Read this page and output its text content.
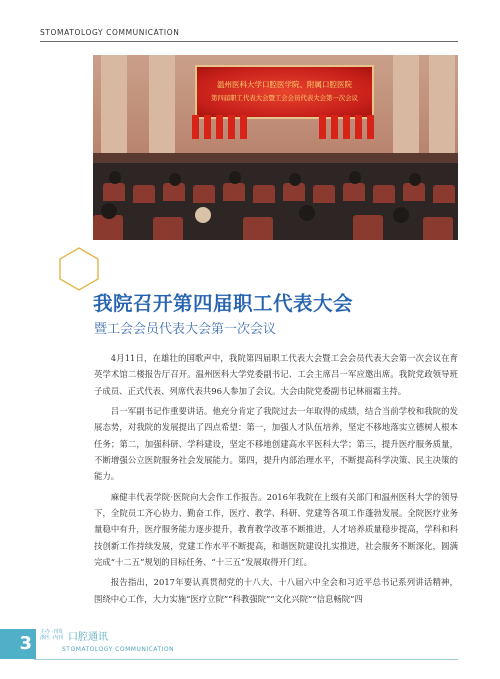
STOMATOLOGY COMMUNICATION
温州医科大学口腔医学院、附属口腔医院
第四届职工代表大会暨工会会员代表大会第一次会议
我院召开第四届职工代表大会
暨工会会员代表大会第一次会议

4月11日，在雄壮的国歌声中，我院第四届职工代表大会暨工会会员代表大会第一次会议在育英学术馆二楼报告厅召开。温州医科大学党委副书记、工会主席吕一军应邀出席。我院党政领导班子成员、正式代表、列席代表共96人参加了会议。大会由院党委副书记林丽霜主持。

吕一军副书记作重要讲话。他充分肯定了我院过去一年取得的成绩，结合当前学校和我院的发展态势，对我院的发展提出了四点希望：第一，加强人才队伍培养，坚定不移地落实立德树人根本任务；第二，加强科研、学科建设，坚定不移地创建高水平医科大学；第三，提升医疗服务质量，不断增强公立医院服务社会发展能力。第四，提升内部治理水平，不断提高科学决策、民主决策的能力。

麻健丰代表学院·医院向大会作工作报告。2016年我院在上级有关部门和温州医科大学的领导下，全院员工齐心协力、勤奋工作，医疗、教学、科研、党建等各项工作蓬勃发展。全院医疗业务量稳中有升，医疗服务能力逐步提升，教育教学改革不断推进，人才培养质量稳步提高，学科和科技创新工作持续发展，党建工作水平不断提高，和谐医院建设扎实推进，社会服务不断深化，圆满完成“十二五”规划的目标任务、“十三五”发展取得开门红。

报告指出，2017年要认真贯彻党的十八大、十八届六中全会和习近平总书记系列讲话精神，围绕中心工作，大力实施“医疗立院”“科教强院”“文化兴院”“信息畅院”四

3
主办 ·刊发
浙医 ·内刊 口腔通讯
STOMATOLOGY COMMUNICATION
